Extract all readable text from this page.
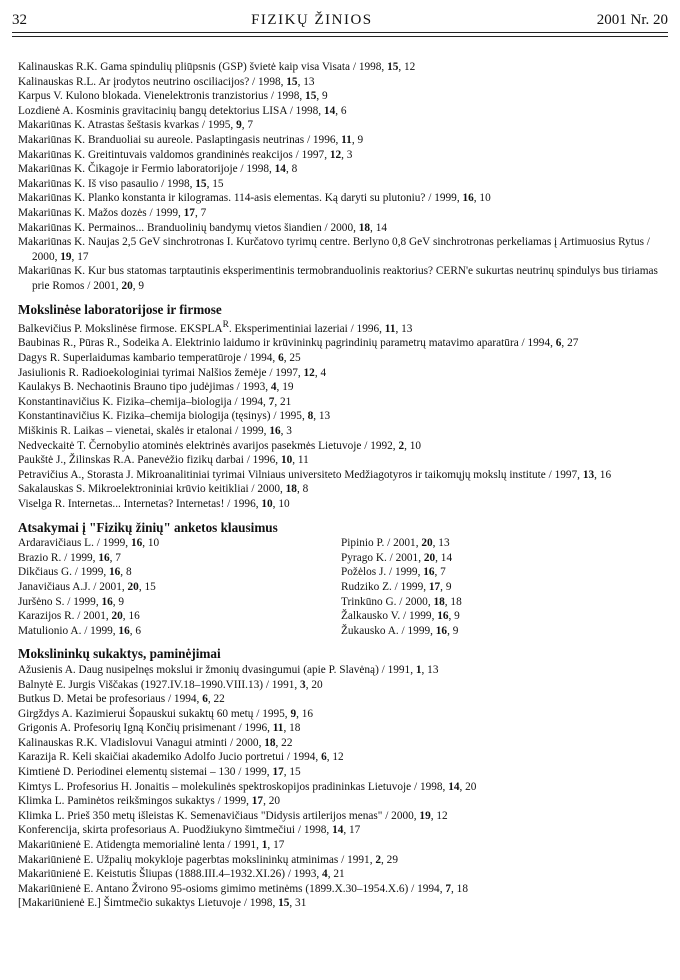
32	FIZIKŲ ŽINIOS	2001 Nr. 20
Kalinauskas R.K. Gama spindulių pliūpsnis (GSP) švietė kaip visa Visata / 1998, 15, 12
Kalinauskas R.L. Ar įrodytos neutrino osciliacijos? / 1998, 15, 13
Karpus V. Kulono blokada. Vienelektronis tranzistorius / 1998, 15, 9
Lozdienė A. Kosminis gravitacinių bangų detektorius LISA / 1998, 14, 6
Makariūnas K. Atrastas šeštasis kvarkas / 1995, 9, 7
Makariūnas K. Branduoliai su aureole. Paslaptingasis neutrinas / 1996, 11, 9
Makariūnas K. Greitintuvais valdomos grandininės reakcijos / 1997, 12, 3
Makariūnas K. Čikagoje ir Fermio laboratorijoje / 1998, 14, 8
Makariūnas K. Iš viso pasaulio / 1998, 15, 15
Makariūnas K. Planko konstanta ir kilogramas. 114-asis elementas. Ką daryti su plutoniu? / 1999, 16, 10
Makariūnas K. Mažos dozės / 1999, 17, 7
Makariūnas K. Permainos... Branduolinių bandymų vietos šiandien / 2000, 18, 14
Makariūnas K. Naujas 2,5 GeV sinchrotronas I. Kurčatovo tyrimų centre. Berlyno 0,8 GeV sinchrotronas perkeliamas į Artimuosius Rytus / 2000, 19, 17
Makariūnas K. Kur bus statomas tarptautinis eksperimentinis termobranduolinis reaktorius? CERN'e sukurtas neutrinų spindulys bus tiriamas prie Romos / 2001, 20, 9
Mokslinėse laboratorijose ir firmose
Balkevičius P. Mokslinėse firmose. $EKSPLA^R$. Eksperimentiniai lazeriai / 1996, 11, 13
Baubinas R., Pūras R., Sodeika A. Elektrinio laidumo ir krūvininkų pagrindinių parametrų matavimo aparatūra / 1994, 6, 27
Dagys R. Superlaidumas kambario temperatūroje / 1994, 6, 25
Jasiulionis R. Radioekologiniai tyrimai Nalšios žemėje / 1997, 12, 4
Kaulakys B. Nechaotinis Brauno tipo judėjimas / 1993, 4, 19
Konstantinavičius K. Fizika–chemija–biologija / 1994, 7, 21
Konstantinavičius K. Fizika–chemija biologija (tęsinys) / 1995, 8, 13
Miškinis R. Laikas – vienetai, skalės ir etalonai / 1999, 16, 3
Nedveckaitė T. Černobylio atominės elektrinės avarijos pasekmės Lietuvoje / 1992, 2, 10
Paukštė J., Žilinskas R.A. Panevėžio fizikų darbai / 1996, 10, 11
Petravičius A., Storasta J. Mikroanalitiniai tyrimai Vilniaus universiteto Medžiagotyros ir taikomųjų mokslų institute / 1997, 13, 16
Sakalauskas S. Mikroelektroniniai krūvio keitikliai / 2000, 18, 8
Viselga R. Internetas... Internetas? Internetas! / 1996, 10, 10
Atsakymai į "Fizikų žinių" anketos klausimus
Ardaravičiaus L. / 1999, 16, 10
Brazio R. / 1999, 16, 7
Dikčiaus G. / 1999, 16, 8
Janavičiaus A.J. / 2001, 20, 15
Juršėno S. / 1999, 16, 9
Karazijos R. / 2001, 20, 16
Matulionio A. / 1999, 16, 6
Pipinio P. / 2001, 20, 13
Pyrago K. / 2001, 20, 14
Požėlos J. / 1999, 16, 7
Rudziko Z. / 1999, 17, 9
Trinkūno G. / 2000, 18, 18
Žalkausko V. / 1999, 16, 9
Žukausko A. / 1999, 16, 9
Mokslininkų sukaktys, paminėjimai
Ažusienis A. Daug nusipelnęs mokslui ir žmonių dvasingumui (apie P. Slavėną) / 1991, 1, 13
Balnytė E. Jurgis Viščakas (1927.IV.18–1990.VIII.13) / 1991, 3, 20
Butkus D. Metai be profesoriaus / 1994, 6, 22
Girgždys A. Kazimierui Šopauskui sukaktų 60 metų / 1995, 9, 16
Grigonis A. Profesorių Igną Končių prisimenant / 1996, 11, 18
Kalinauskas R.K. Vladislovui Vanagui atminti / 2000, 18, 22
Karazija R. Keli skaičiai akademiko Adolfo Jucio portretui / 1994, 6, 12
Kimtienė D. Periodinei elementų sistemai – 130 / 1999, 17, 15
Kimtys L. Profesorius H. Jonaitis – molekulinės spektroskopijos pradininkas Lietuvoje / 1998, 14, 20
Klimka L. Paminėtos reikšmingos sukaktys / 1999, 17, 20
Klimka L. Prieš 350 metų išleistas K. Semenavičiaus "Didysis artilerijos menas" / 2000, 19, 12
Konferencija, skirta profesoriaus A. Puodžiukyno šimtmečiui / 1998, 14, 17
Makariūnienė E. Atidengta memorialinė lenta / 1991, 1, 17
Makariūnienė E. Užpalių mokykloje pagerbtas mokslininkų atminimas / 1991, 2, 29
Makariūnienė E. Keistutis Šliupas (1888.III.4–1932.XI.26) / 1993, 4, 21
Makariūnienė E. Antano Žvirono 95-osioms gimimo metinėms (1899.X.30–1954.X.6) / 1994, 7, 18
[Makariūnienė E.] Šimtmečio sukaktys Lietuvoje / 1998, 15, 31
